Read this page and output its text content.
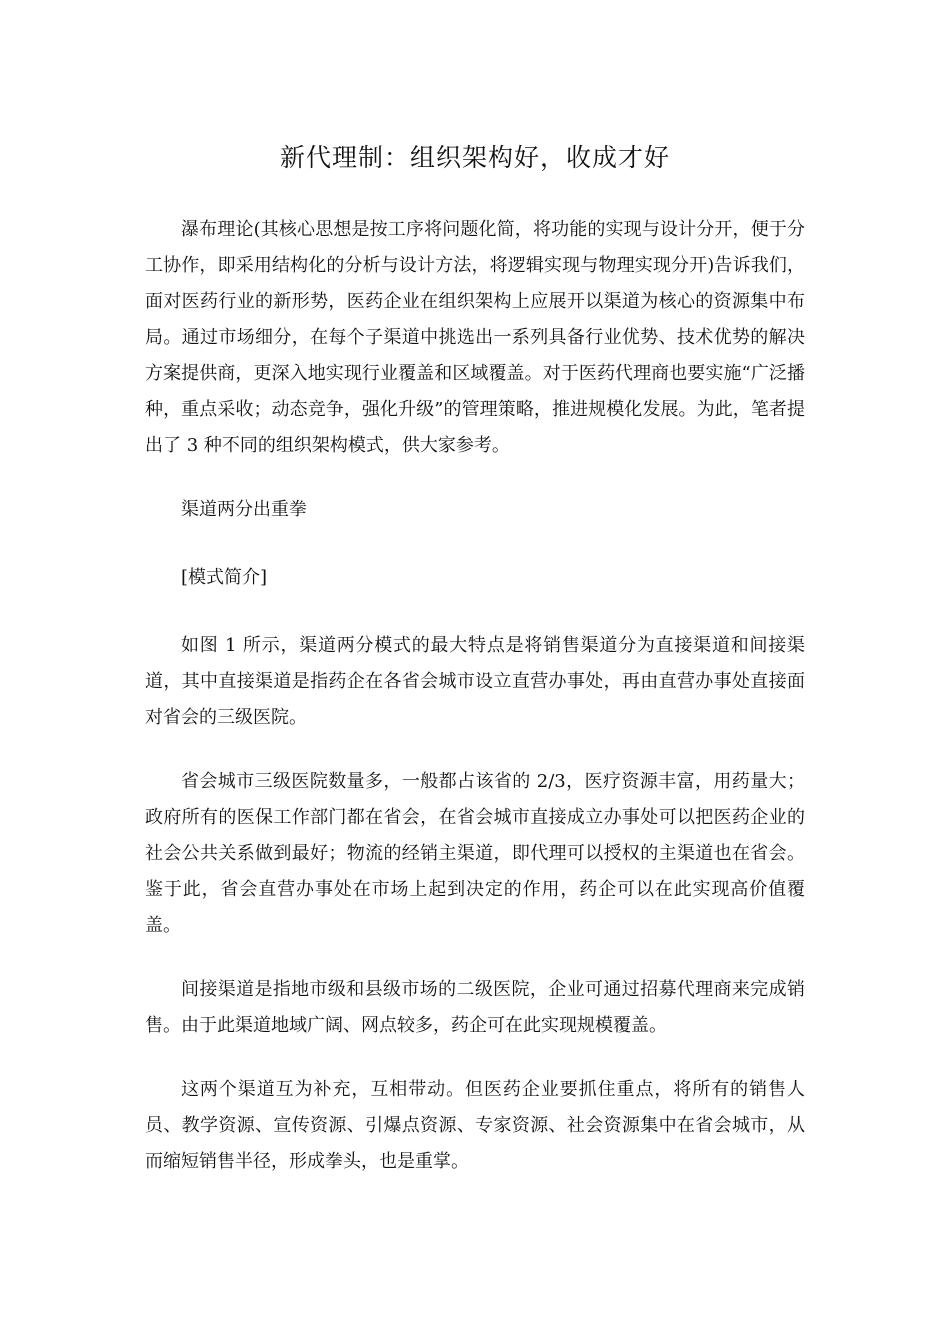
新代理制：组织架构好，收成才好

瀑布理论(其核心思想是按工序将问题化简，将功能的实现与设计分开，便于分工协作，即采用结构化的分析与设计方法，将逻辑实现与物理实现分开)告诉我们，面对医药行业的新形势，医药企业在组织架构上应展开以渠道为核心的资源集中布局。通过市场细分，在每个子渠道中挑选出一系列具备行业优势、技术优势的解决方案提供商，更深入地实现行业覆盖和区域覆盖。对于医药代理商也要实施“广泛播种，重点采收；动态竞争，强化升级”的管理策略，推进规模化发展。为此，笔者提出了 3 种不同的组织架构模式，供大家参考。

渠道两分出重拳

[模式简介]

如图 1 所示，渠道两分模式的最大特点是将销售渠道分为直接渠道和间接渠道，其中直接渠道是指药企在各省会城市设立直营办事处，再由直营办事处直接面对省会的三级医院。

省会城市三级医院数量多，一般都占该省的 2/3，医疗资源丰富，用药量大；政府所有的医保工作部门都在省会，在省会城市直接成立办事处可以把医药企业的社会公共关系做到最好；物流的经销主渠道，即代理可以授权的主渠道也在省会。鉴于此，省会直营办事处在市场上起到决定的作用，药企可以在此实现高价值覆盖。

间接渠道是指地市级和县级市场的二级医院，企业可通过招募代理商来完成销售。由于此渠道地域广阔、网点较多，药企可在此实现规模覆盖。

这两个渠道互为补充，互相带动。但医药企业要抓住重点，将所有的销售人员、教学资源、宣传资源、引爆点资源、专家资源、社会资源集中在省会城市，从而缩短销售半径，形成拳头，也是重掌。
